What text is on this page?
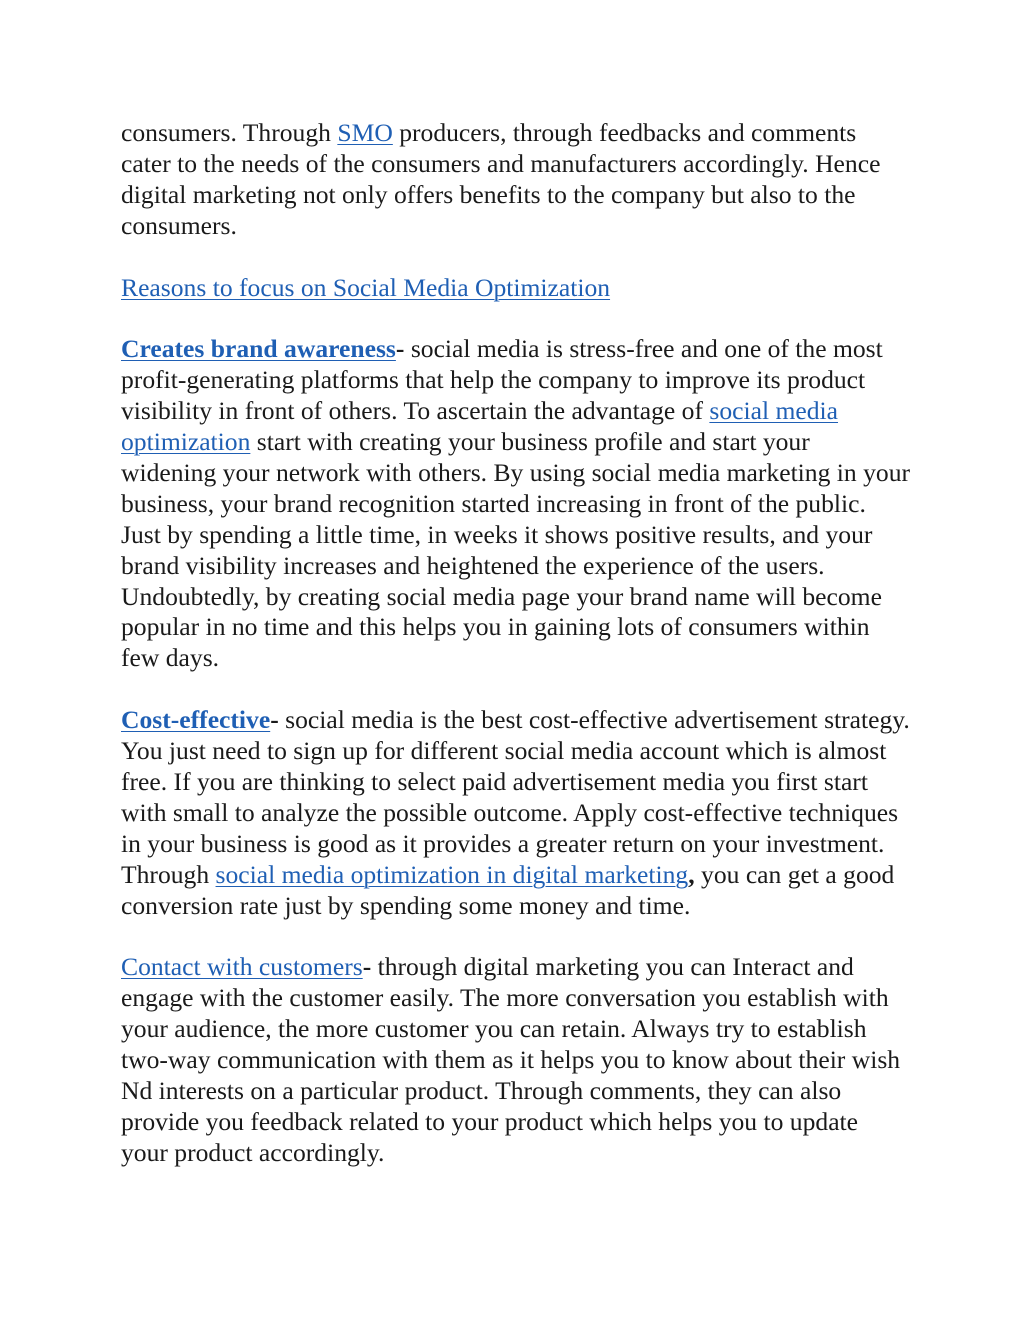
consumers. Through SMO producers, through feedbacks and comments cater to the needs of the consumers and manufacturers accordingly. Hence digital marketing not only offers benefits to the company but also to the consumers.

Reasons to focus on Social Media Optimization

Creates brand awareness- social media is stress-free and one of the most profit-generating platforms that help the company to improve its product visibility in front of others. To ascertain the advantage of social media optimization start with creating your business profile and start your widening your network with others. By using social media marketing in your business, your brand recognition started increasing in front of the public. Just by spending a little time, in weeks it shows positive results, and your brand visibility increases and heightened the experience of the users. Undoubtedly, by creating social media page your brand name will become popular in no time and this helps you in gaining lots of consumers within few days.

Cost-effective- social media is the best cost-effective advertisement strategy. You just need to sign up for different social media account which is almost free. If you are thinking to select paid advertisement media you first start with small to analyze the possible outcome. Apply cost-effective techniques in your business is good as it provides a greater return on your investment. Through social media optimization in digital marketing, you can get a good conversion rate just by spending some money and time.

Contact with customers- through digital marketing you can Interact and engage with the customer easily. The more conversation you establish with your audience, the more customer you can retain. Always try to establish two-way communication with them as it helps you to know about their wish Nd interests on a particular product. Through comments, they can also provide you feedback related to your product which helps you to update your product accordingly.
